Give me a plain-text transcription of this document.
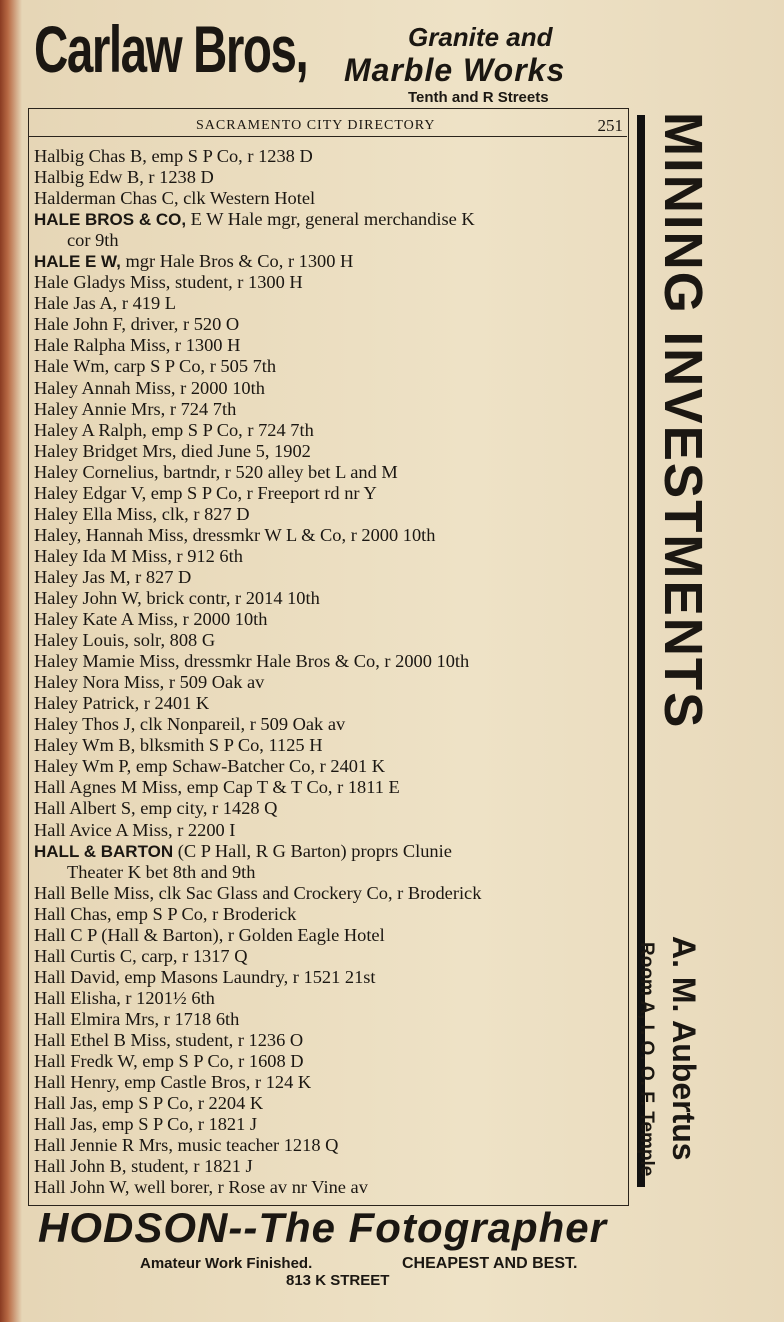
Carlaw Bros,	Granite and
Marble Works
Tenth and R Streets
SACRAMENTO CITY DIRECTORY	251
Halbig Chas B, emp S P Co, r 1238 D
Halbig Edw B, r 1238 D
Halderman Chas C, clk Western Hotel
HALE BROS & CO, E W Hale mgr, general merchandise K
cor 9th
HALE E W, mgr Hale Bros & Co, r 1300 H
Hale Gladys Miss, student, r 1300 H
Hale Jas A, r 419 L
Hale John F, driver, r 520 O
Hale Ralpha Miss, r 1300 H
Hale Wm, carp S P Co, r 505 7th
Haley Annah Miss, r 2000 10th
Haley Annie Mrs, r 724 7th
Haley A Ralph, emp S P Co, r 724 7th
Haley Bridget Mrs, died June 5, 1902
Haley Cornelius, bartndr, r 520 alley bet L and M
Haley Edgar V, emp S P Co, r Freeport rd nr Y
Haley Ella Miss, clk, r 827 D
Haley, Hannah Miss, dressmkr W L & Co, r 2000 10th
Haley Ida M Miss, r 912 6th
Haley Jas M, r 827 D
Haley John W, brick contr, r 2014 10th
Haley Kate A Miss, r 2000 10th
Haley Louis, solr, 808 G
Haley Mamie Miss, dressmkr Hale Bros & Co, r 2000 10th
Haley Nora Miss, r 509 Oak av
Haley Patrick, r 2401 K
Haley Thos J, clk Nonpareil, r 509 Oak av
Haley Wm B, blksmith S P Co, 1125 H
Haley Wm P, emp Schaw-Batcher Co, r 2401 K
Hall Agnes M Miss, emp Cap T & T Co, r 1811 E
Hall Albert S, emp city, r 1428 Q
Hall Avice A Miss, r 2200 I
HALL & BARTON (C P Hall, R G Barton) proprs Clunie
Theater K bet 8th and 9th
Hall Belle Miss, clk Sac Glass and Crockery Co, r Broderick
Hall Chas, emp S P Co, r Broderick
Hall C P (Hall & Barton), r Golden Eagle Hotel
Hall Curtis C, carp, r 1317 Q
Hall David, emp Masons Laundry, r 1521 21st
Hall Elisha, r 1201½ 6th
Hall Elmira Mrs, r 1718 6th
Hall Ethel B Miss, student, r 1236 O
Hall Fredk W, emp S P Co, r 1608 D
Hall Henry, emp Castle Bros, r 124 K
Hall Jas, emp S P Co, r 2204 K
Hall Jas, emp S P Co, r 1821 J
Hall Jennie R Mrs, music teacher 1218 Q
Hall John B, student, r 1821 J
Hall John W, well borer, r Rose av nr Vine av
MINING INVESTMENTS
A. M. Aubertus
Room A, I. O. O. F. Temple
HODSON--The Fotographer
Amateur Work Finished.	CHEAPEST AND BEST.
813 K STREET
